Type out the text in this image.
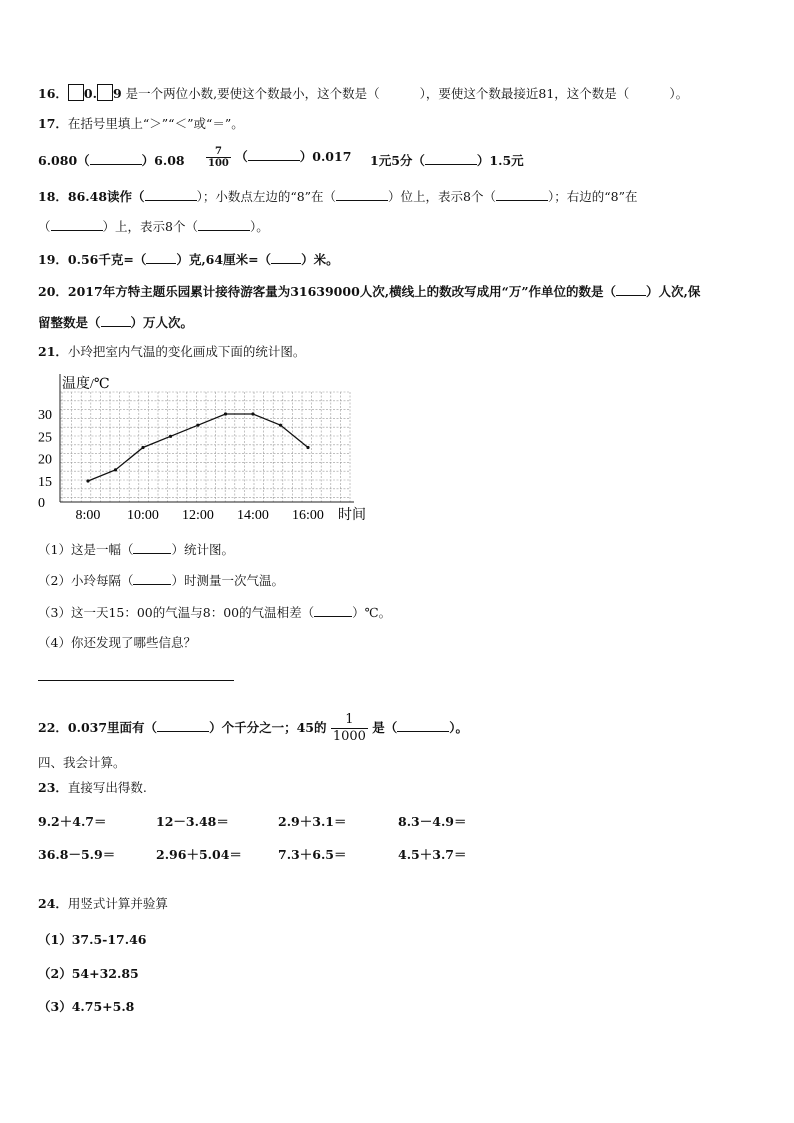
16． 0. 9 是一个两位小数,要使这个数最小，这个数是（	），要使这个数最接近81，这个数是（	）。
17．在括号里填上“＞”“＜”或“＝”。
6.080（	）$6.08 \frac{7}{100}$ （	）0.017 1元5分（	）1.5元
18．86.48读作（	）；小数点左边的“8”在（	）位上，表示8个（	）；右边的“8”在
（	）上，表示8个（	）。
19．0.56千克=（ ）克,64厘米=（ ）米。
20．2017年方特主题乐园累计接待游客量为31639000人次,横线上的数改写成用“万”作单位的数是（ ）人次,保
留整数是（ ）万人次。
21．小玲把室内气温的变化画成下面的统计图。
温度/℃
时间
0
15
20
25
30
8:00 10:00 12:00 14:00 16:00
（1）这是一幅（	）统计图。
（2）小玲每隔（	）时测量一次气温。
（3）这一天15：00的气温与8：00的气温相差（	）℃。
（4）你还发现了哪些信息？
22．0.037里面有（	）个千分之一；45的 $\frac{1}{1000}$ 是（	）。
四、我会计算。
23．直接写出得数.
9.2＋4.7＝	12－3.48＝	2.9＋3.1＝	8.3－4.9＝
36.8－5.9＝	2.96＋5.04＝	7.3＋6.5＝	4.5＋3.7＝
24．用竖式计算并验算
（1）37.5-17.46
（2）54+32.85
（3）4.75+5.8
